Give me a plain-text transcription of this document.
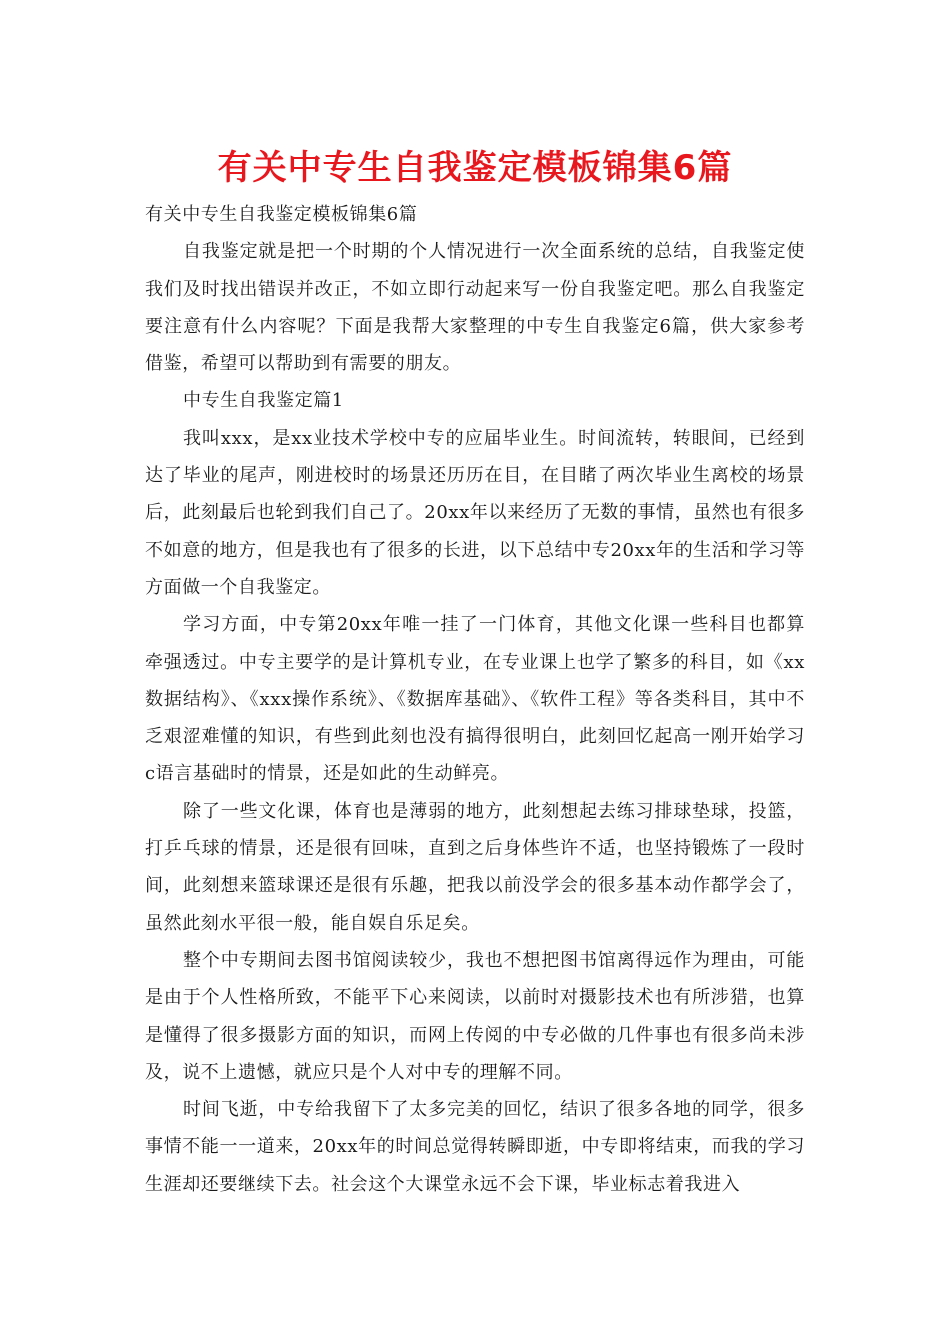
有关中专生自我鉴定模板锦集6篇

有关中专生自我鉴定模板锦集6篇

自我鉴定就是把一个时期的个人情况进行一次全面系统的总结，自我鉴定使我们及时找出错误并改正，不如立即行动起来写一份自我鉴定吧。那么自我鉴定要注意有什么内容呢？下面是我帮大家整理的中专生自我鉴定6篇，供大家参考借鉴，希望可以帮助到有需要的朋友。

中专生自我鉴定篇1

我叫xxx，是xx业技术学校中专的应届毕业生。时间流转，转眼间，已经到达了毕业的尾声，刚进校时的场景还历历在目，在目睹了两次毕业生离校的场景后，此刻最后也轮到我们自己了。20xx年以来经历了无数的事情，虽然也有很多不如意的地方，但是我也有了很多的长进，以下总结中专20xx年的生活和学习等方面做一个自我鉴定。

学习方面，中专第20xx年唯一挂了一门体育，其他文化课一些科目也都算牵强透过。中专主要学的是计算机专业，在专业课上也学了繁多的科目，如《xx数据结构》、《xxx操作系统》、《数据库基础》、《软件工程》等各类科目，其中不乏艰涩难懂的知识，有些到此刻也没有搞得很明白，此刻回忆起高一刚开始学习c语言基础时的情景，还是如此的生动鲜亮。

除了一些文化课，体育也是薄弱的地方，此刻想起去练习排球垫球，投篮，打乒乓球的情景，还是很有回味，直到之后身体些许不适，也坚持锻炼了一段时间，此刻想来篮球课还是很有乐趣，把我以前没学会的很多基本动作都学会了，虽然此刻水平很一般，能自娱自乐足矣。

整个中专期间去图书馆阅读较少，我也不想把图书馆离得远作为理由，可能是由于个人性格所致，不能平下心来阅读，以前时对摄影技术也有所涉猎，也算是懂得了很多摄影方面的知识，而网上传阅的中专必做的几件事也有很多尚未涉及，说不上遗憾，就应只是个人对中专的理解不同。

时间飞逝，中专给我留下了太多完美的回忆，结识了很多各地的同学，很多事情不能一一道来，20xx年的时间总觉得转瞬即逝，中专即将结束，而我的学习生涯却还要继续下去。社会这个大课堂永远不会下课，毕业标志着我进入
